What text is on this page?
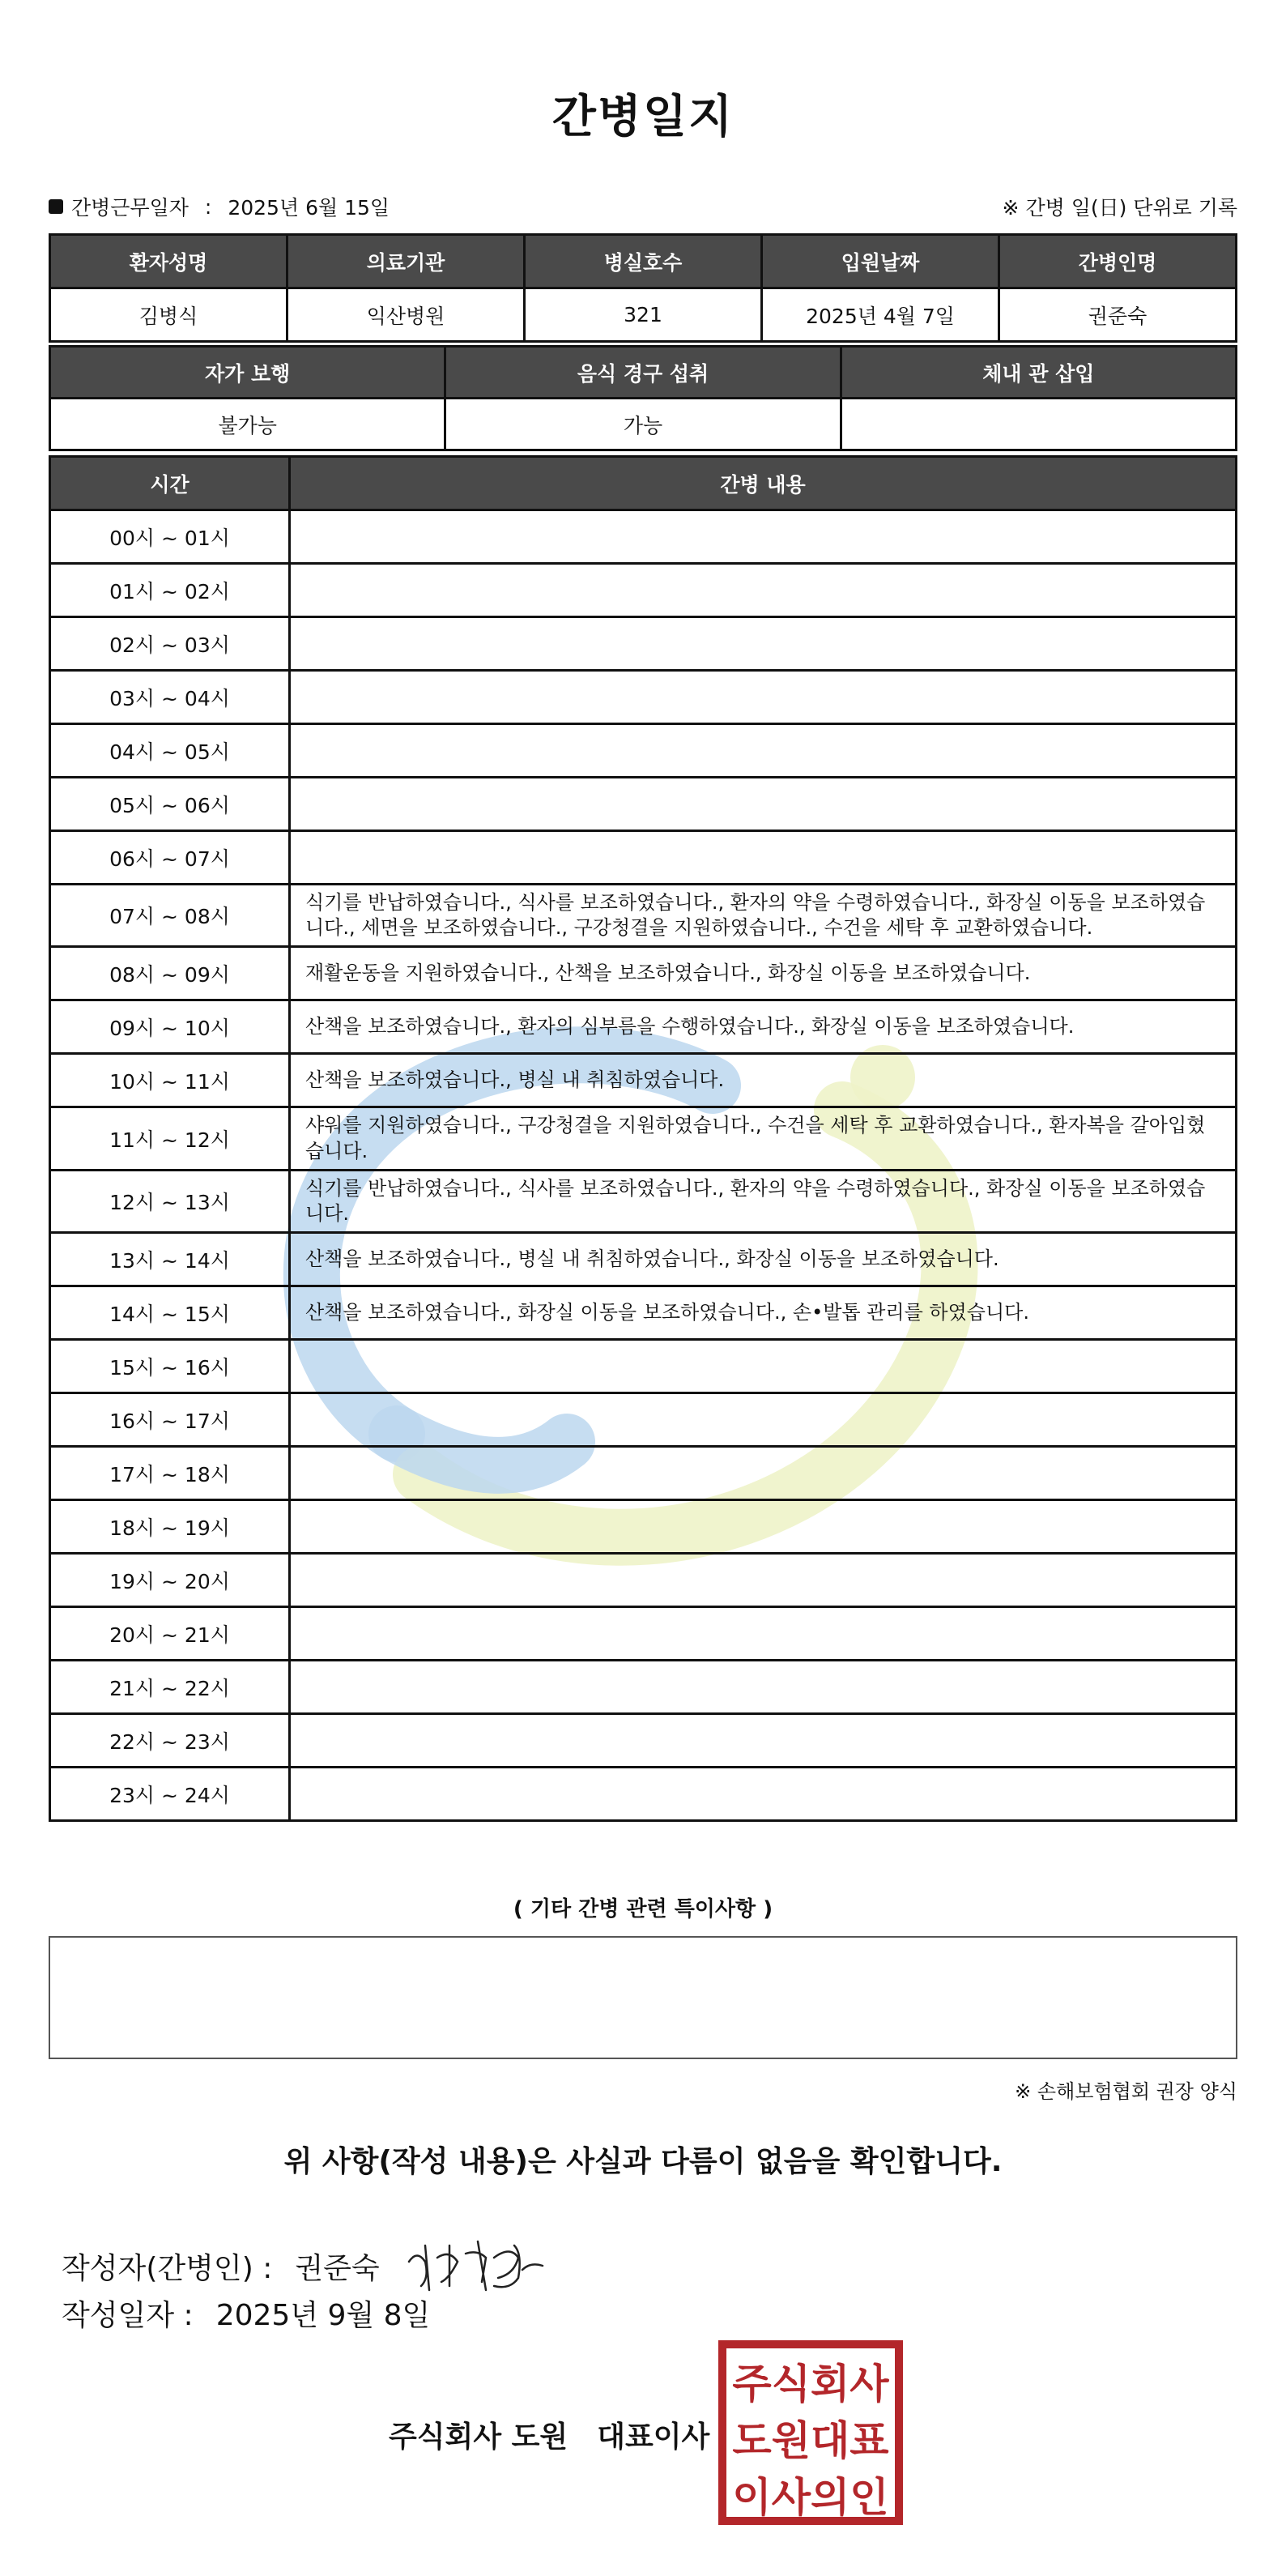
간병일지
간병근무일자 : 2025년 6월 15일	※ 간병 일(日) 단위로 기록
환자성명	의료기관	병실호수	입원날짜	간병인명
김병식	익산병원	321	2025년 4월 7일	권준숙
자가 보행	음식 경구 섭취	체내 관 삽입
불가능	가능	
시간	간병 내용
00시 ~ 01시	
01시 ~ 02시	
02시 ~ 03시	
03시 ~ 04시	
04시 ~ 05시	
05시 ~ 06시	
06시 ~ 07시	
07시 ~ 08시	식기를 반납하였습니다., 식사를 보조하였습니다., 환자의 약을 수령하였습니다., 화장실 이동을 보조하였습니다., 세면을 보조하였습니다., 구강청결을 지원하였습니다., 수건을 세탁 후 교환하였습니다.
08시 ~ 09시	재활운동을 지원하였습니다., 산책을 보조하였습니다., 화장실 이동을 보조하였습니다.
09시 ~ 10시	산책을 보조하였습니다., 환자의 심부름을 수행하였습니다., 화장실 이동을 보조하였습니다.
10시 ~ 11시	산책을 보조하였습니다., 병실 내 취침하였습니다.
11시 ~ 12시	샤워를 지원하였습니다., 구강청결을 지원하였습니다., 수건을 세탁 후 교환하였습니다., 환자복을 갈아입혔습니다.
12시 ~ 13시	식기를 반납하였습니다., 식사를 보조하였습니다., 환자의 약을 수령하였습니다., 화장실 이동을 보조하였습니다.
13시 ~ 14시	산책을 보조하였습니다., 병실 내 취침하였습니다., 화장실 이동을 보조하였습니다.
14시 ~ 15시	산책을 보조하였습니다., 화장실 이동을 보조하였습니다., 손•발톱 관리를 하였습니다.
15시 ~ 16시	
16시 ~ 17시	
17시 ~ 18시	
18시 ~ 19시	
19시 ~ 20시	
20시 ~ 21시	
21시 ~ 22시	
22시 ~ 23시	
23시 ~ 24시	
( 기타 간병 관련 특이사항 )
※ 손해보험협회 권장 양식
위 사항(작성 내용)은 사실과 다름이 없음을 확인합니다.
작성자(간병인) : 권준숙
작성일자 : 2025년 9월 8일
주식회사 도원 대표이사
주식회사
도원대표
이사의인
